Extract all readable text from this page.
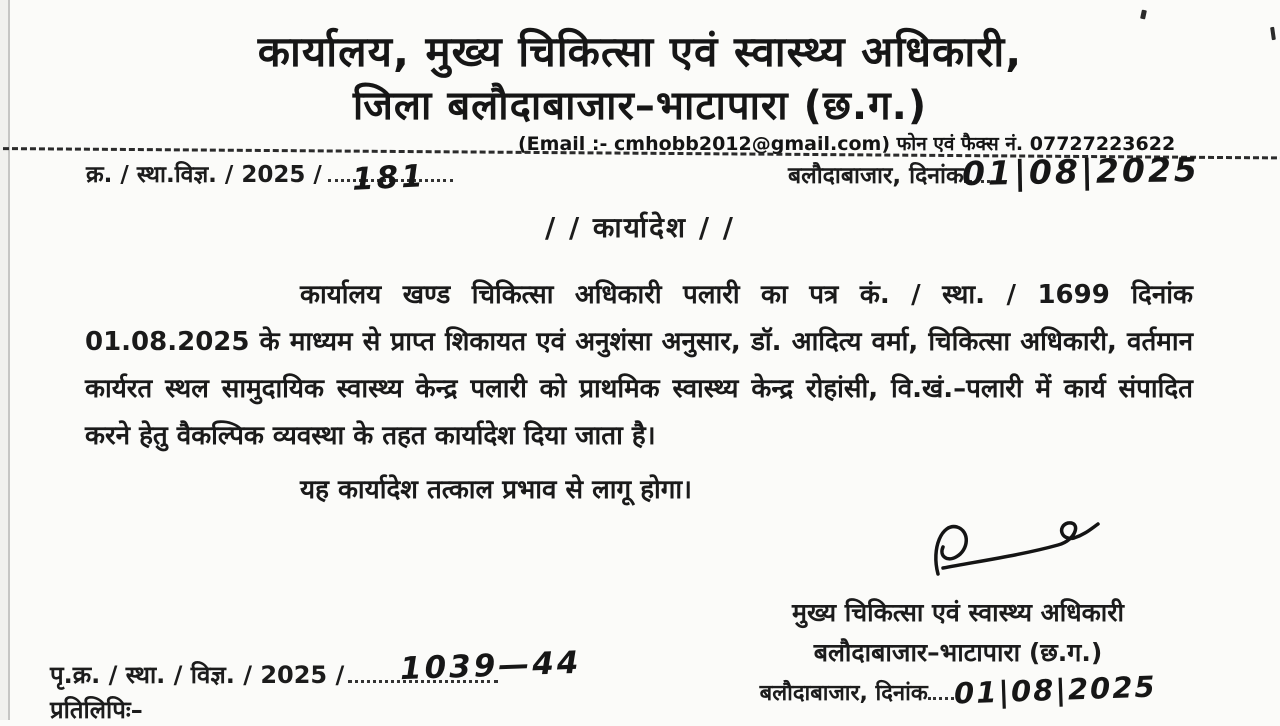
कार्यालय, मुख्य चिकित्सा एवं स्वास्थ्य अधिकारी,
जिला बलौदाबाजार–भाटापारा (छ.ग.)
(Email :- cmhobb2012@gmail.com) फोन एवं फैक्स नं. 07727223622
क्र. / स्था.विज्ञ. / 2025 / 181	बलौदाबाजार, दिनांक
01|08|2025
/ / कार्यादेश / /
कार्यालय खण्ड चिकित्सा अधिकारी पलारी का पत्र कं. / स्था. / 1699 दिनांक 01.08.2025 के माध्यम से प्राप्त शिकायत एवं अनुशंसा अनुसार, डॉ. आदित्य वर्मा, चिकित्सा अधिकारी, वर्तमान कार्यरत स्थल सामुदायिक स्वास्थ्य केन्द्र पलारी को प्राथमिक स्वास्थ्य केन्द्र रोहांसी, वि.खं.–पलारी में कार्य संपादित करने हेतु वैकल्पिक व्यवस्था के तहत कार्यादेश दिया जाता है।
यह कार्यादेश तत्काल प्रभाव से लागू होगा।
मुख्य चिकित्सा एवं स्वास्थ्य अधिकारी
बलौदाबाजार–भाटापारा (छ.ग.)
बलौदाबाजार, दिनांक 01|08|2025
पृ.क्र. / स्था. / विज्ञ. / 2025 /	1039—44
प्रतिलिपिः–
